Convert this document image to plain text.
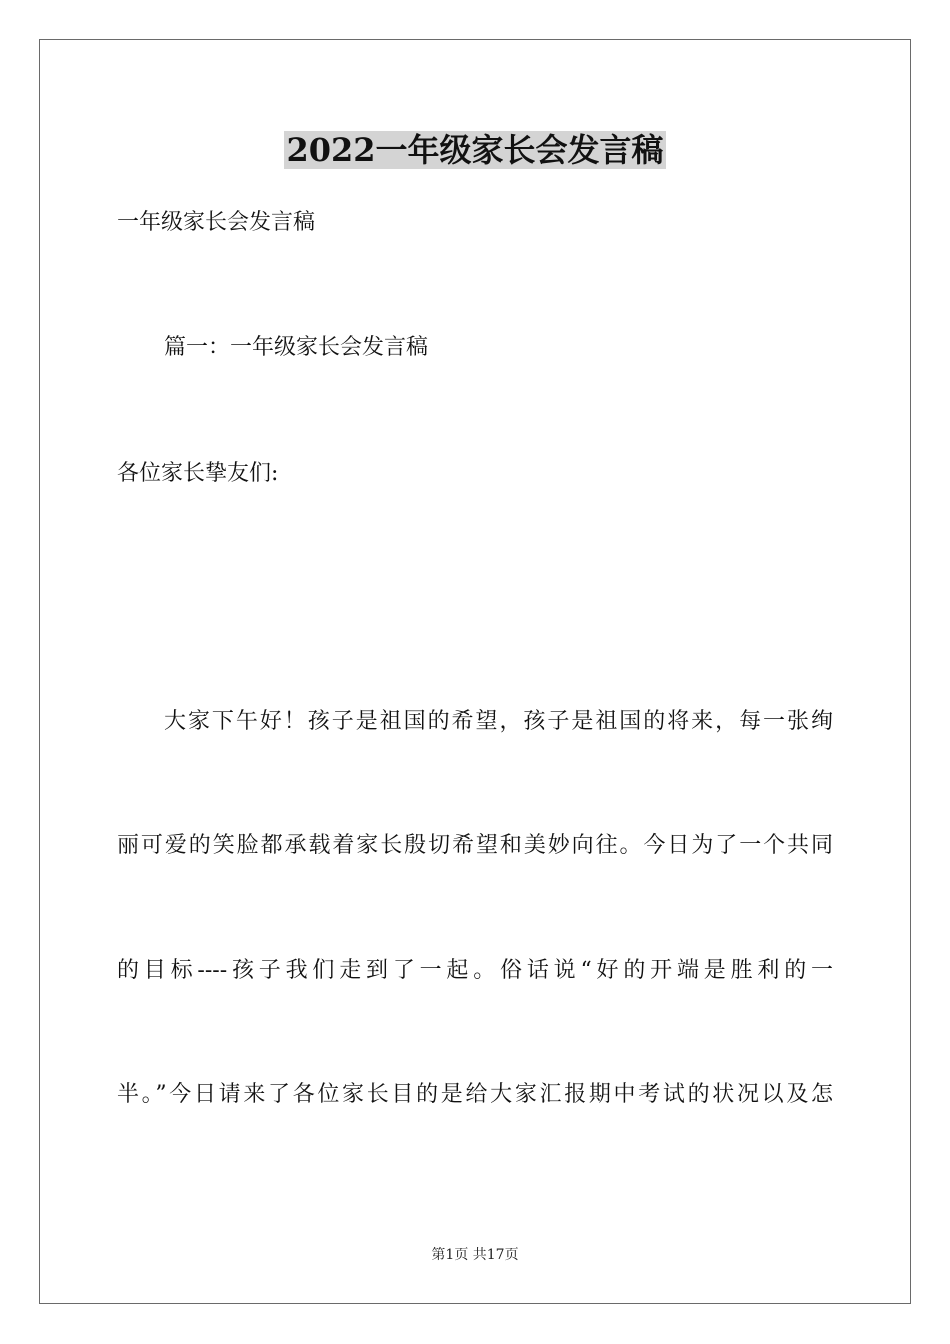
2022一年级家长会发言稿
一年级家长会发言稿
篇一：一年级家长会发言稿
各位家长挚友们:
大家下午好！孩子是祖国的希望，孩子是祖国的将来，每一张绚
丽可爱的笑脸都承载着家长殷切希望和美妙向往。今日为了一个共同
的目标----孩子我们走到了一起。俗话说“好的开端是胜利的一
半。”今日请来了各位家长目的是给大家汇报期中考试的状况以及怎
第1页 共17页
